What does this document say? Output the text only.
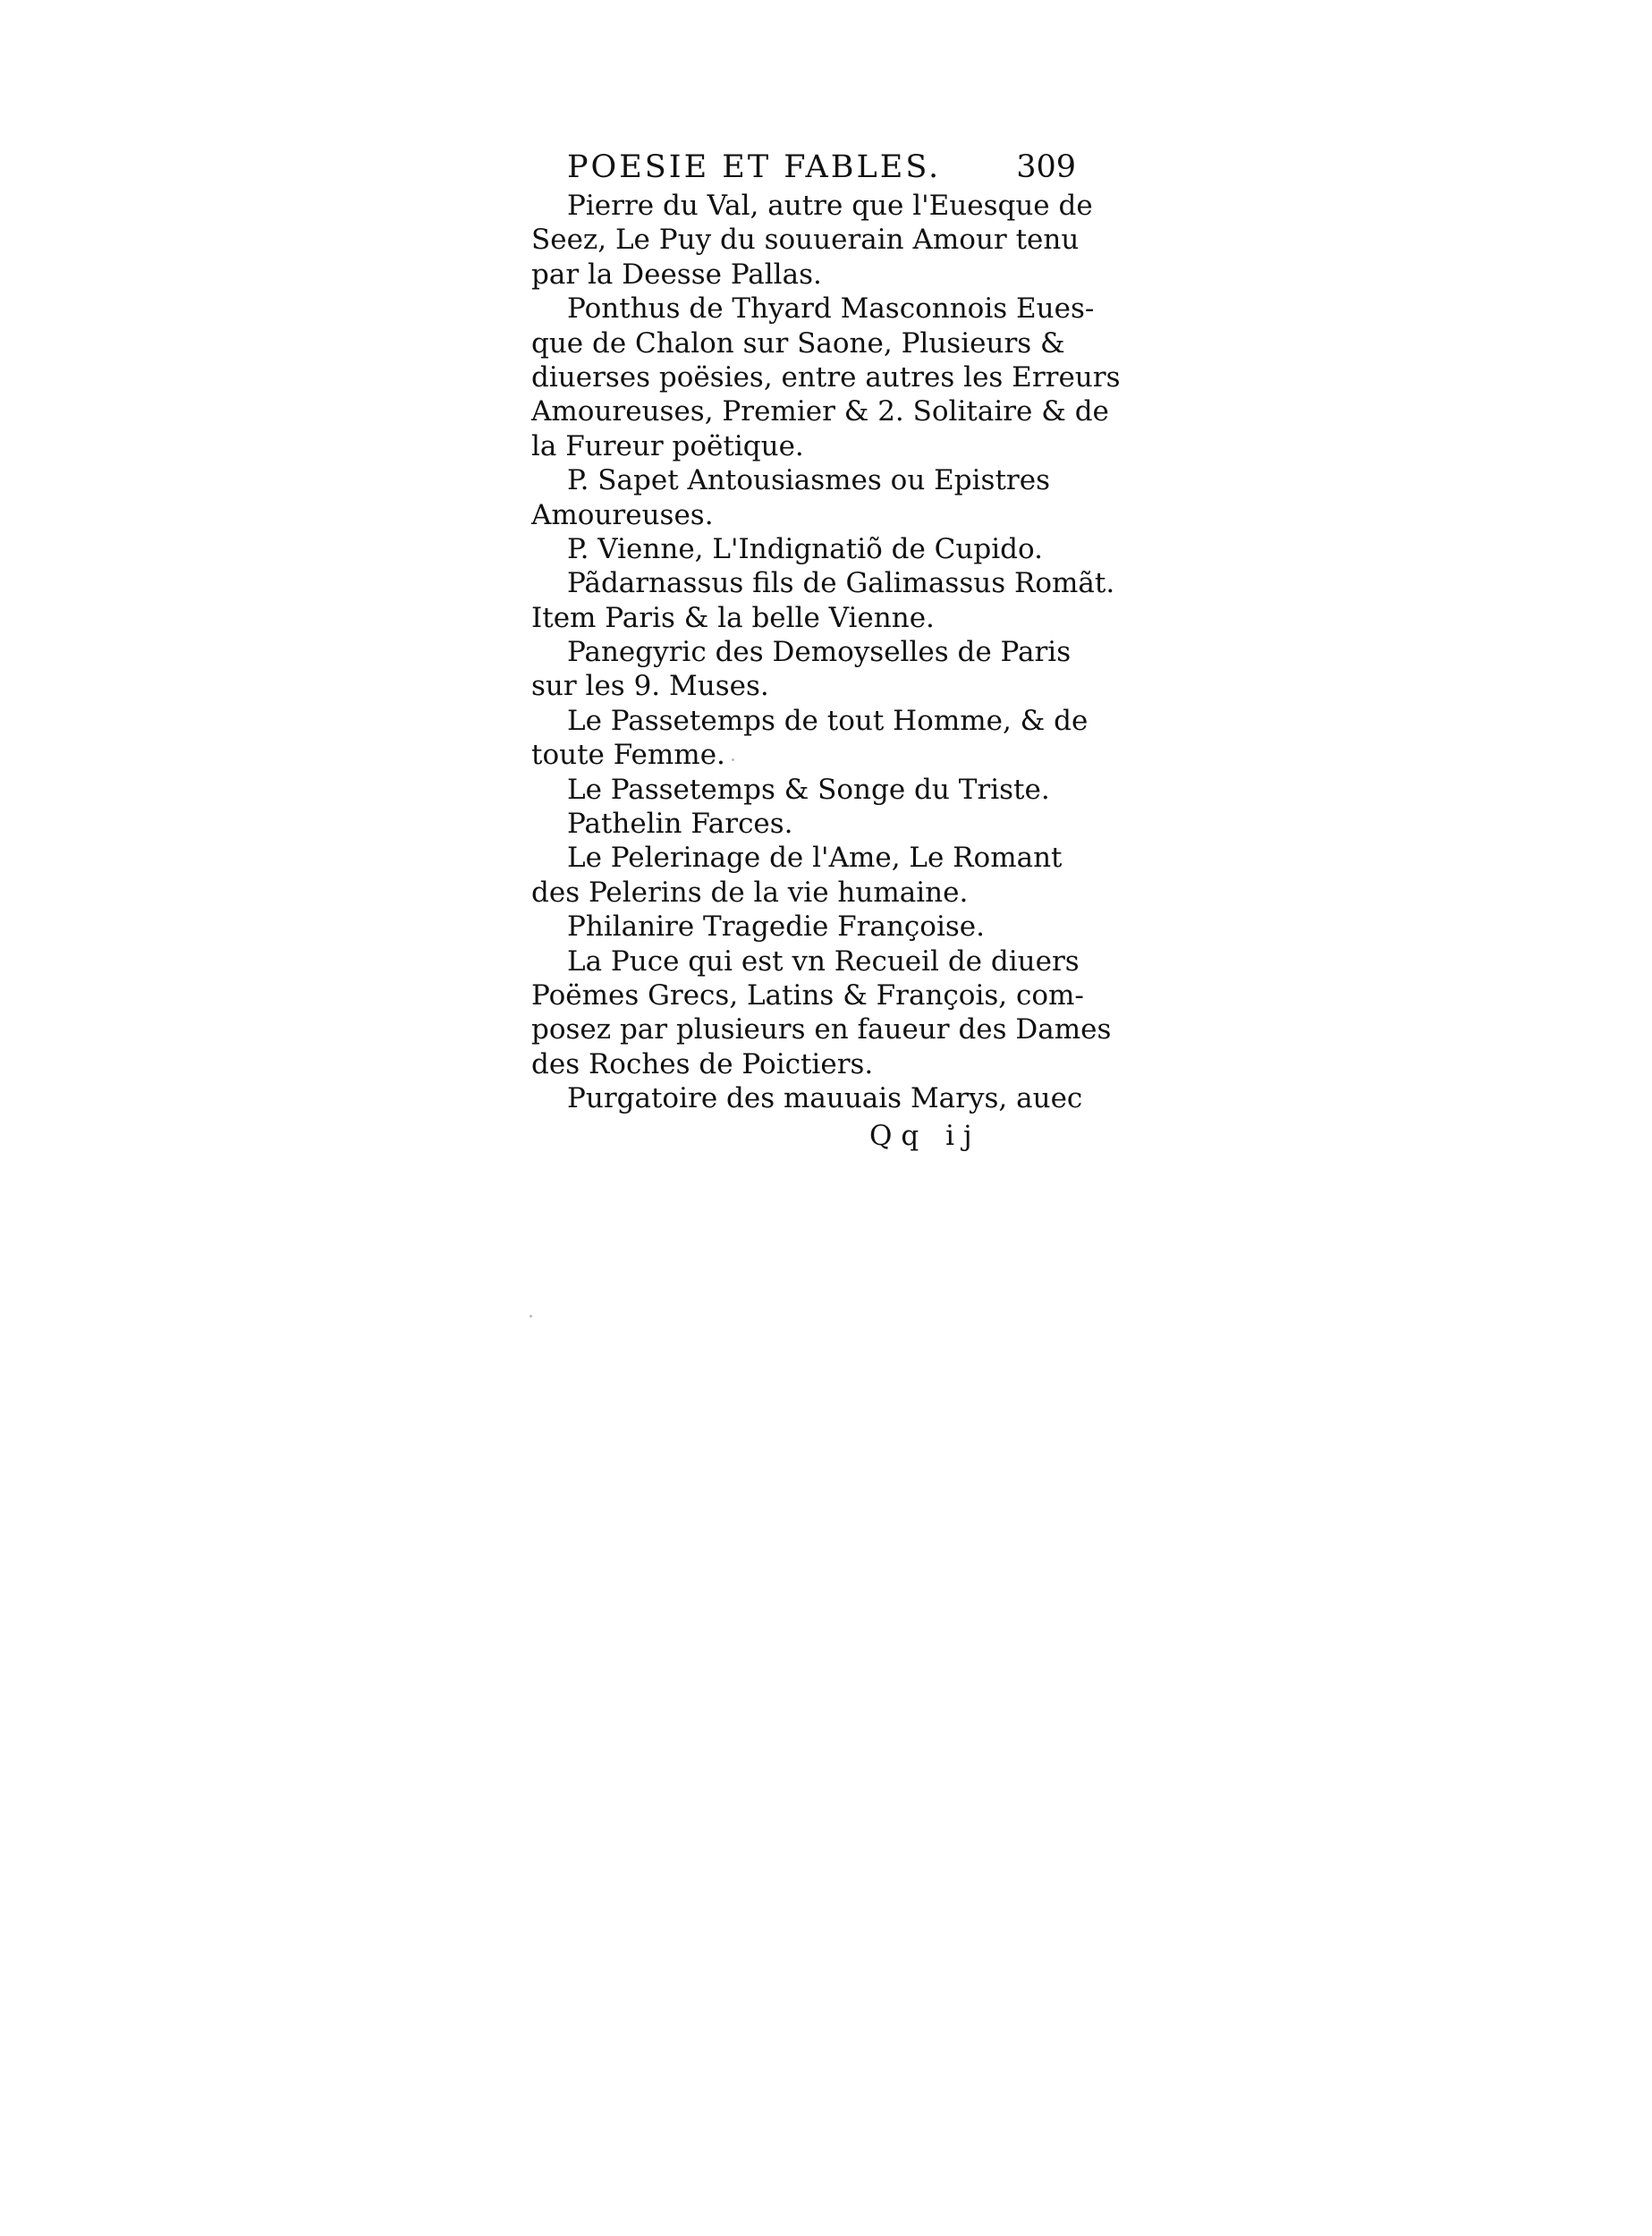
POESIE ET FABLES. 309
Pierre du Val, autre que l'Euesque de
Seez, Le Puy du souuerain Amour tenu
par la Deesse Pallas.
Ponthus de Thyard Masconnois Eues-
que de Chalon sur Saone, Plusieurs &
diuerses poësies, entre autres les Erreurs
Amoureuses, Premier & 2. Solitaire & de
la Fureur poëtique.
P. Sapet Antousiasmes ou Epistres
Amoureuses.
P. Vienne, L'Indignatiõ de Cupido.
Pãdarnassus fils de Galimassus Romãt.
Item Paris & la belle Vienne.
Panegyric des Demoyselles de Paris
sur les 9. Muses.
Le Passetemps de tout Homme, & de
toute Femme.
Le Passetemps & Songe du Triste.
Pathelin Farces.
Le Pelerinage de l'Ame, Le Romant
des Pelerins de la vie humaine.
Philanire Tragedie Françoise.
La Puce qui est vn Recueil de diuers
Poëmes Grecs, Latins & François, com-
posez par plusieurs en faueur des Dames
des Roches de Poictiers.
Purgatoire des mauuais Marys, auec
Qq ij
